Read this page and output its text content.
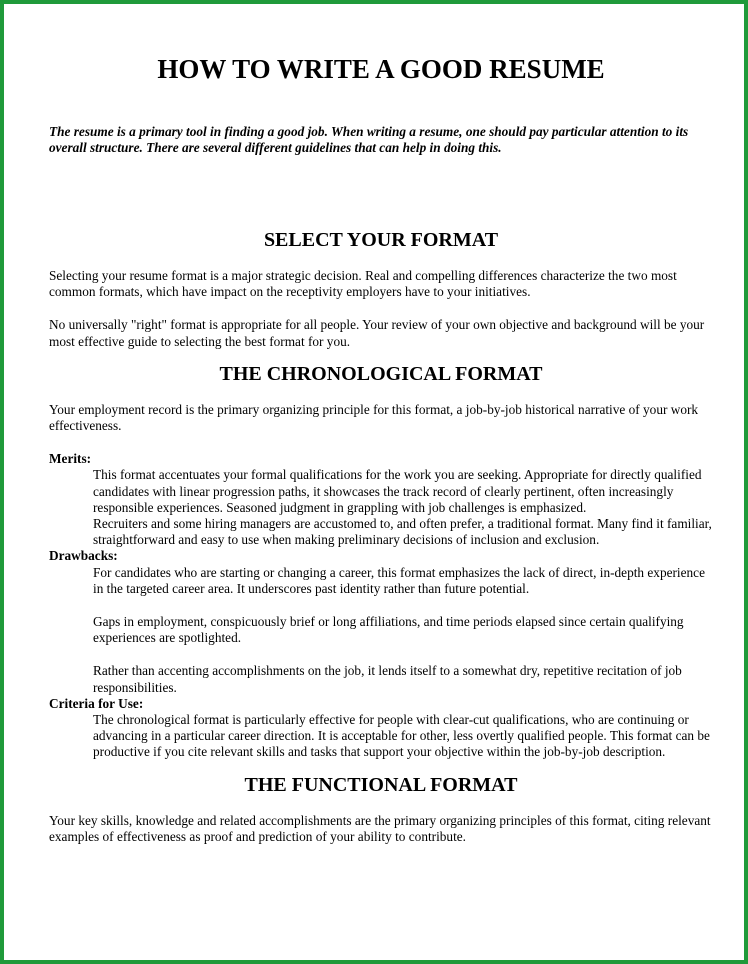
HOW TO WRITE A GOOD RESUME

The resume is a primary tool in finding a good job. When writing a resume, one should pay particular attention to its overall structure. There are several different guidelines that can help in doing this.

SELECT YOUR FORMAT

Selecting your resume format is a major strategic decision. Real and compelling differences characterize the two most common formats, which have impact on the receptivity employers have to your initiatives.

No universally "right" format is appropriate for all people. Your review of your own objective and background will be your most effective guide to selecting the best format for you.

THE CHRONOLOGICAL FORMAT

Your employment record is the primary organizing principle for this format, a job-by-job historical narrative of your work effectiveness.

Merits:

This format accentuates your formal qualifications for the work you are seeking. Appropriate for directly qualified candidates with linear progression paths, it showcases the track record of clearly pertinent, often increasingly responsible experiences. Seasoned judgment in grappling with job challenges is emphasized.

Recruiters and some hiring managers are accustomed to, and often prefer, a traditional format. Many find it familiar, straightforward and easy to use when making preliminary decisions of inclusion and exclusion.

Drawbacks:

For candidates who are starting or changing a career, this format emphasizes the lack of direct, in-depth experience in the targeted career area. It underscores past identity rather than future potential.

Gaps in employment, conspicuously brief or long affiliations, and time periods elapsed since certain qualifying experiences are spotlighted.

Rather than accenting accomplishments on the job, it lends itself to a somewhat dry, repetitive recitation of job responsibilities.

Criteria for Use:

The chronological format is particularly effective for people with clear-cut qualifications, who are continuing or advancing in a particular career direction. It is acceptable for other, less overtly qualified people. This format can be productive if you cite relevant skills and tasks that support your objective within the job-by-job description.

THE FUNCTIONAL FORMAT

Your key skills, knowledge and related accomplishments are the primary organizing principles of this format, citing relevant examples of effectiveness as proof and prediction of your ability to contribute.
